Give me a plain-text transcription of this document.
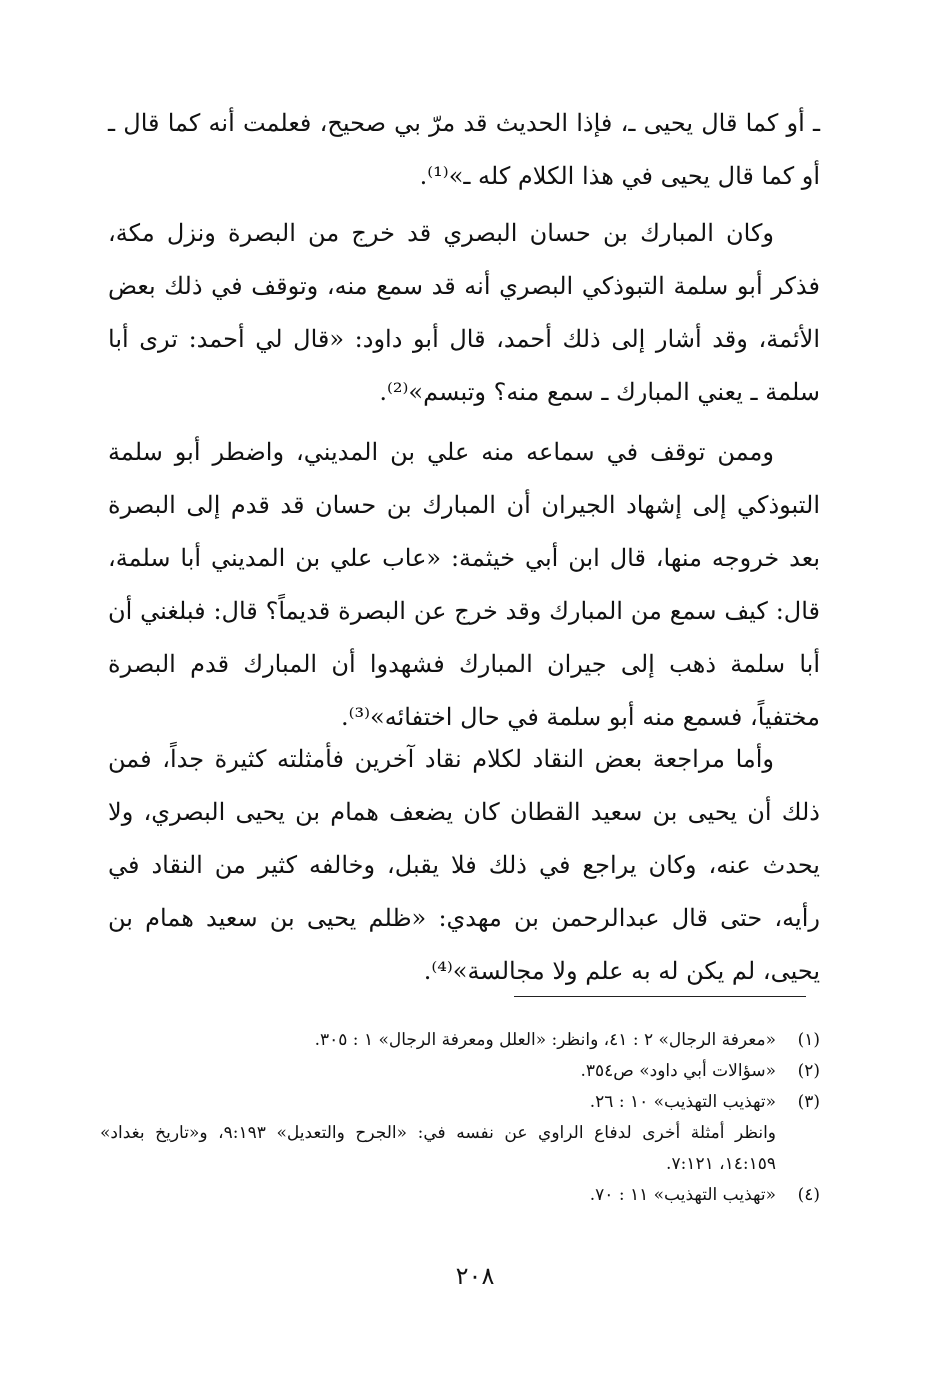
ـ أو كما قال يحيى ـ، فإذا الحديث قد مرّ بي صحيح، فعلمت أنه كما قال ـ أو كما قال يحيى في هذا الكلام كله ـ»⁽¹⁾.

وكان المبارك بن حسان البصري قد خرج من البصرة ونزل مكة، فذكر أبو سلمة التبوذكي البصري أنه قد سمع منه، وتوقف في ذلك بعض الأئمة، وقد أشار إلى ذلك أحمد، قال أبو داود: «قال لي أحمد: ترى أبا سلمة ـ يعني المبارك ـ سمع منه؟ وتبسم»⁽²⁾.

وممن توقف في سماعه منه علي بن المديني، واضطر أبو سلمة التبوذكي إلى إشهاد الجيران أن المبارك بن حسان قد قدم إلى البصرة بعد خروجه منها، قال ابن أبي خيثمة: «عاب علي بن المديني أبا سلمة، قال: كيف سمع من المبارك وقد خرج عن البصرة قديماً؟ قال: فبلغني أن أبا سلمة ذهب إلى جيران المبارك فشهدوا أن المبارك قدم البصرة مختفياً، فسمع منه أبو سلمة في حال اختفائه»⁽³⁾.

وأما مراجعة بعض النقاد لكلام نقاد آخرين فأمثلته كثيرة جداً، فمن ذلك أن يحيى بن سعيد القطان كان يضعف همام بن يحيى البصري، ولا يحدث عنه، وكان يراجع في ذلك فلا يقبل، وخالفه كثير من النقاد في رأيه، حتى قال عبدالرحمن بن مهدي: «ظلم يحيى بن سعيد همام بن يحيى، لم يكن له به علم ولا مجالسة»⁽⁴⁾.

(١)
«معرفة الرجال» ٢ : ٤١، وانظر: «العلل ومعرفة الرجال» ١ : ٣٠٥.
(٢)
«سؤالات أبي داود» ص٣٥٤.
(٣)
«تهذيب التهذيب» ١٠ : ٢٦.
وانظر أمثلة أخرى لدفاع الراوي عن نفسه في: «الجرح والتعديل» ٩:١٩٣، و«تاريخ بغداد» ١٤:١٥٩، ٧:١٢١.
(٤)
«تهذيب التهذيب» ١١ : ٧٠.
٢٠٨
